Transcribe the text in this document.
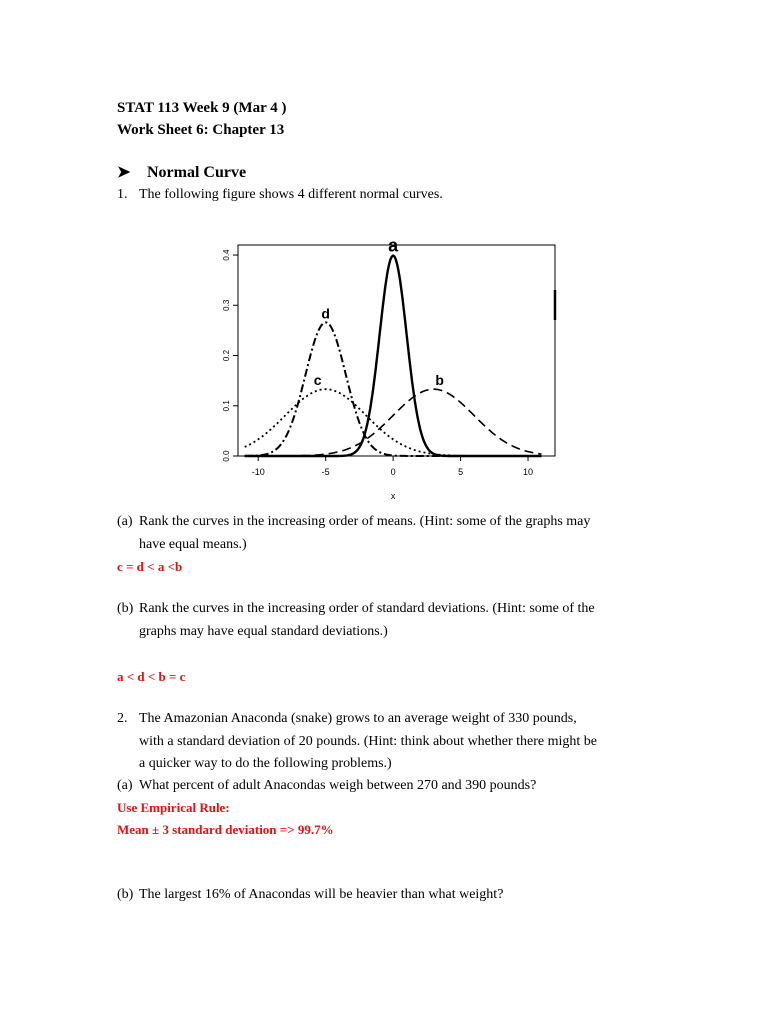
STAT 113 Week 9 (Mar 4 )
Work Sheet 6: Chapter 13
➤ Normal Curve
1. The following figure shows 4 different normal curves.
-10	-5	0	5	10
0.0
0.1
0.2
0.3
0.4
x
a
b
c
d
(a) Rank the curves in the increasing order of means. (Hint: some of the graphs may
have equal means.)
c = d < a <b
(b) Rank the curves in the increasing order of standard deviations. (Hint: some of the
graphs may have equal standard deviations.)
a < d < b = c
2. The Amazonian Anaconda (snake) grows to an average weight of 330 pounds,
with a standard deviation of 20 pounds. (Hint: think about whether there might be
a quicker way to do the following problems.)
(a) What percent of adult Anacondas weigh between 270 and 390 pounds?
Use Empirical Rule:
Mean ± 3 standard deviation => 99.7%
(b) The largest 16% of Anacondas will be heavier than what weight?
